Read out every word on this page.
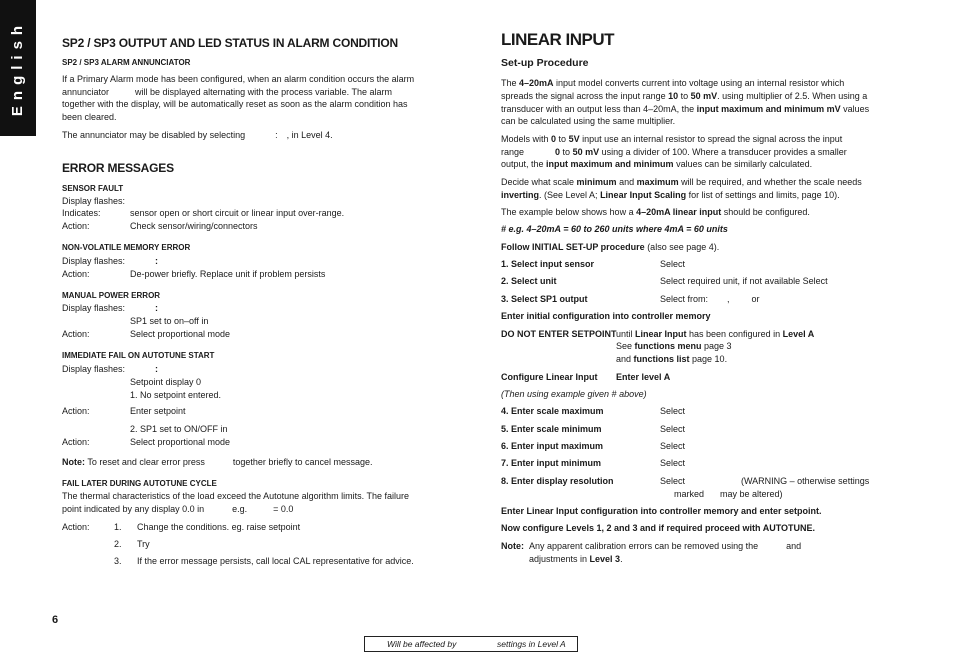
English	SP2 / SP3 OUTPUT AND LED STATUS IN ALARM CONDITION
SP2 / SP3 ALARM ANNUNCIATOR

If a Primary Alarm mode has been configured, when an alarm condition occurs the alarm

annunciator	will be displayed alternating with the process variable. The alarm

together with the display, will be automatically reset as soon as the alarm condition has

been cleared.

The annunciator may be disabled by selecting	: , in Level 4.

ERROR MESSAGES
SENSOR FAULT

Display flashes:

Indicates:	sensor open or short circuit or linear input over-range.

Action:	Check sensor/wiring/connectors

NON-VOLATILE MEMORY ERROR

Display flashes:	:

Action:	De-power briefly. Replace unit if problem persists

MANUAL POWER ERROR

Display flashes:	:

SP1 set to on–off in

Action:	Select proportional mode

IMMEDIATE FAIL ON AUTOTUNE START

Display flashes:	:

Setpoint display 0

1. No setpoint entered.

Action:	Enter setpoint

2. SP1 set to ON/OFF in

Action:	Select proportional mode

Note: To reset and clear error press	together briefly to cancel message.

FAIL LATER DURING AUTOTUNE CYCLE

The thermal characteristics of the load exceed the Autotune algorithm limits. The failure

point indicated by any display 0.0 in	e.g.	= 0.0

Action:	1. Change the conditions. eg. raise setpoint

2. Try

3. If the error message persists, call local CAL representative for advice.

LINEAR INPUT
Set-up Procedure

The 4–20mA input model converts current into voltage using an internal resistor which

spreads the signal across the input range 10 to 50 mV. using multiplier of 2.5. When using a

transducer with an output less than 4–20mA, the input maximum and minimum mV values

can be calculated using the same multiplier.

Models with 0 to 5V input use an internal resistor to spread the signal across the input

range	0 to 50 mV using a divider of 100. Where a transducer provides a smaller

output, the input maximum and minimum values can be similarly calculated.

Decide what scale minimum and maximum will be required, and whether the scale needs

inverting. (See Level A; Linear Input Scaling for list of settings and limits, page 10).

The example below shows how a 4–20mA linear input should be configured.

# e.g. 4–20mA = 60 to 260 units where 4mA = 60 units

Follow INITIAL SET-UP procedure (also see page 4).

1. Select input sensor	Select

2. Select unit	Select required unit, if not available Select

3. Select SP1 output	Select from: , or

Enter initial configuration into controller memory

DO NOT ENTER SETPOINT until Linear Input has been configured in Level A

See functions menu page 3

and functions list page 10.

Configure Linear Input Enter level A

(Then using example given # above)

4. Enter scale maximum	Select

5. Enter scale minimum	Select

6. Enter input maximum	Select

7. Enter input minimum	Select

8. Enter display resolution	Select	(WARNING – otherwise settings

marked may be altered)

Enter Linear Input configuration into controller memory and enter setpoint.

Now configure Levels 1, 2 and 3 and if required proceed with AUTOTUNE.

Note: Any apparent calibration errors can be removed using the	and

adjustments in Level 3.

6
Will be affected by	settings in Level A
